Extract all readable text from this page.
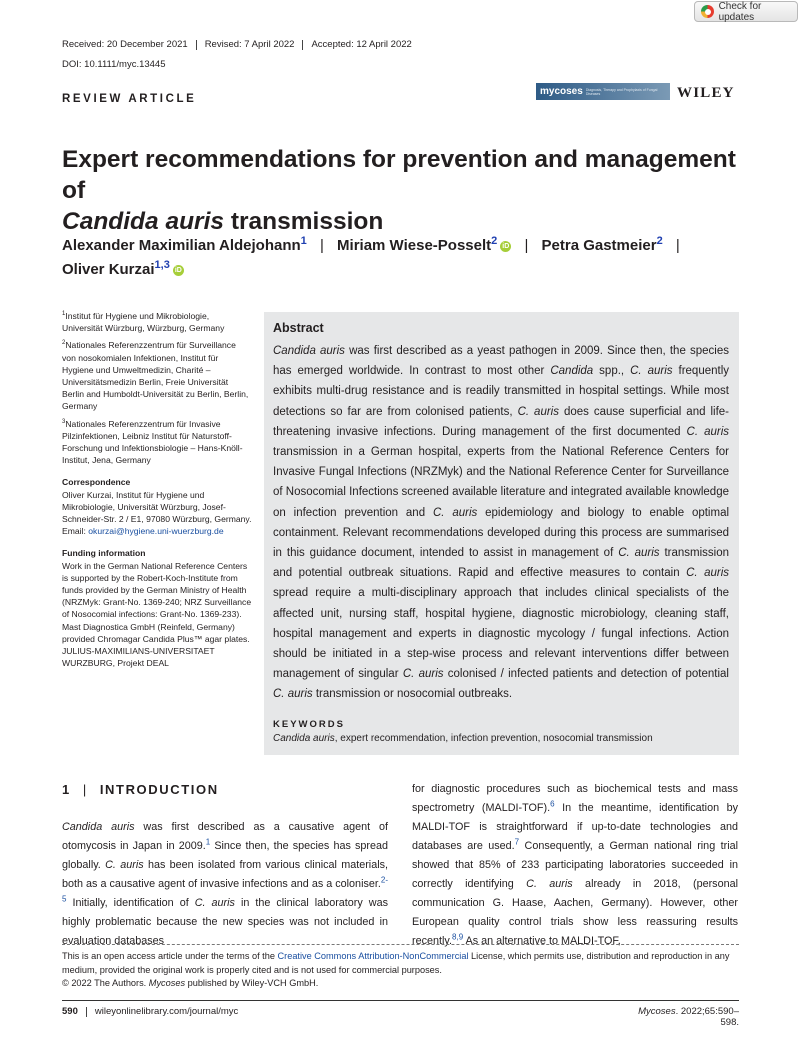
Check for updates
Received: 20 December 2021 Revised: 7 April 2022 Accepted: 12 April 2022
DOI: 10.1111/myc.13445
REVIEW ARTICLE
mycoses Diagnosis, Therapy and Prophylaxis of Fungal Diseases	WILEY
Expert recommendations for prevention and management of
Candida auris transmission
Alexander Maximilian Aldejohann$^1$ | Miriam Wiese-Posselt$^2$ iD | Petra Gastmeier$^2$ |
Oliver Kurzai$^{1,3}$ iD

$^1$Institut für Hygiene und Mikrobiologie, Universität Würzburg, Würzburg, Germany

$^2$Nationales Referenzzentrum für Surveillance von nosokomialen Infektionen, Institut für Hygiene und Umweltmedizin, Charité – Universitätsmedizin Berlin, Freie Universität Berlin and Humboldt-Universität zu Berlin, Berlin, Germany

$^3$Nationales Referenzzentrum für Invasive Pilzinfektionen, Leibniz Institut für Naturstoff-Forschung und Infektionsbiologie – Hans-Knöll-Institut, Jena, Germany

Correspondence

Oliver Kurzai, Institut für Hygiene und Mikrobiologie, Universität Würzburg, Josef-Schneider-Str. 2 / E1, 97080 Würzburg, Germany.
Email: okurzai@hygiene.uni-wuerzburg.de

Funding information

Work in the German National Reference Centers is supported by the Robert-Koch-Institute from funds provided by the German Ministry of Health (NRZMyk: Grant-No. 1369-240; NRZ Surveillance of Nosocomial infections: Grant-No. 1369-233). Mast Diagnostica GmbH (Reinfeld, Germany) provided Chromagar Candida Plus™ agar plates. JULIUS-MAXIMILIANS-UNIVERSITAET WURZBURG, Projekt DEAL

Abstract
Candida auris was first described as a yeast pathogen in 2009. Since then, the species has emerged worldwide. In contrast to most other Candida spp., C. auris frequently exhibits multi-drug resistance and is readily transmitted in hospital settings. While most detections so far are from colonised patients, C. auris does cause superficial and life-threatening invasive infections. During management of the first documented C. auris transmission in a German hospital, experts from the National Reference Centers for Invasive Fungal Infections (NRZMyk) and the National Reference Center for Surveillance of Nosocomial Infections screened available literature and integrated available knowledge on infection prevention and C. auris epidemiology and biology to enable optimal containment. Relevant recommendations developed during this process are summarised in this guidance document, intended to assist in management of C. auris transmission and potential outbreak situations. Rapid and effective measures to contain C. auris spread require a multi-disciplinary approach that includes clinical specialists of the affected unit, nursing staff, hospital hygiene, diagnostic microbiology, cleaning staff, hospital management and experts in diagnostic mycology / fungal infections. Action should be initiated in a step-wise process and relevant interventions differ between management of singular C. auris colonised / infected patients and detection of potential C. auris transmission or nosocomial outbreaks.
KEYWORDS
Candida auris, expert recommendation, infection prevention, nosocomial transmission
1 | INTRODUCTION
Candida auris was first described as a causative agent of otomycosis in Japan in 2009.$^1$ Since then, the species has spread globally. C. auris has been isolated from various clinical materials, both as a causative agent of invasive infections and as a coloniser.$^{2-5}$ Initially, identification of C. auris in the clinical laboratory was highly problematic because the new species was not included in evaluation databases
for diagnostic procedures such as biochemical tests and mass spectrometry (MALDI-TOF).$^6$ In the meantime, identification by MALDI-TOF is straightforward if up-to-date technologies and databases are used.$^7$ Consequently, a German national ring trial showed that 85% of 233 participating laboratories succeeded in correctly identifying C. auris already in 2018, (personal communication G. Haase, Aachen, Germany). However, other European quality control trials show less reassuring results recently.$^{8,9}$ As an alternative to MALDI-TOF,
This is an open access article under the terms of the Creative Commons Attribution-NonCommercial License, which permits use, distribution and reproduction in any medium, provided the original work is properly cited and is not used for commercial purposes.
© 2022 The Authors. Mycoses published by Wiley-VCH GmbH.
590 wileyonlinelibrary.com/journal/myc	Mycoses. 2022;65:590–598.
